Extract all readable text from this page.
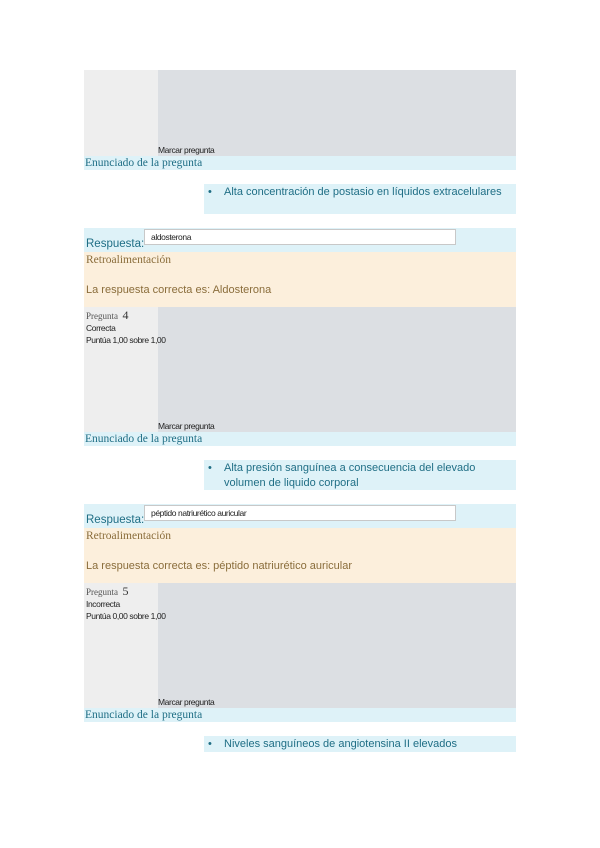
Marcar pregunta
Enunciado de la pregunta
• Alta concentración de postasio en líquidos extracelulares
Respuesta:
aldosterona
Retroalimentación
La respuesta correcta es: Aldosterona
Pregunta 4
Correcta
Puntúa 1,00 sobre 1,00
Marcar pregunta
Enunciado de la pregunta
• Alta presión sanguínea a consecuencia del elevado volumen de liquido corporal
Respuesta:
péptido natriurético auricular
Retroalimentación
La respuesta correcta es: péptido natriurético auricular
Pregunta 5
Incorrecta
Puntúa 0,00 sobre 1,00
Marcar pregunta
Enunciado de la pregunta
• Niveles sanguíneos de angiotensina II elevados
